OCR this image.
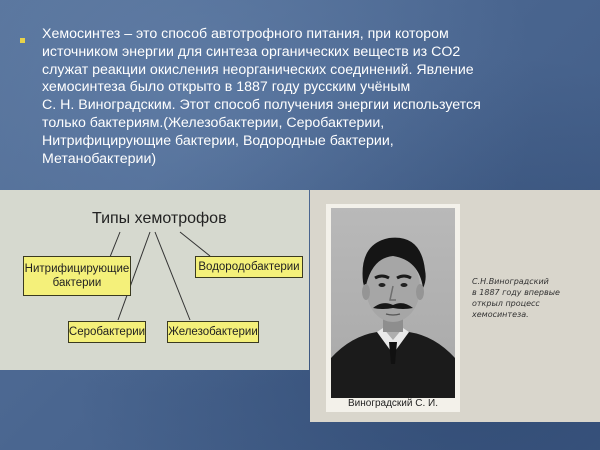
Хемосинтез – это способ автотрофного питания, при котором
источником энергии для синтеза органических веществ из CO2
служат реакции окисления неорганических соединений. Явление
хемосинтеза было открыто в 1887 году русским учёным
С. Н. Виноградским. Этот способ получения энергии используется
только бактериям.(Железобактерии, Серобактерии,
Нитрифицирующие бактерии, Водородные бактерии,
Метанобактерии)

Типы хемотрофов
Нитрифицирующие
бактерии
Водородобактерии
Серобактерии Железобактерии
Виноградский С. И.
С.Н.Виноградский
в 1887 году впервые
открыл процесс
хемосинтеза.
